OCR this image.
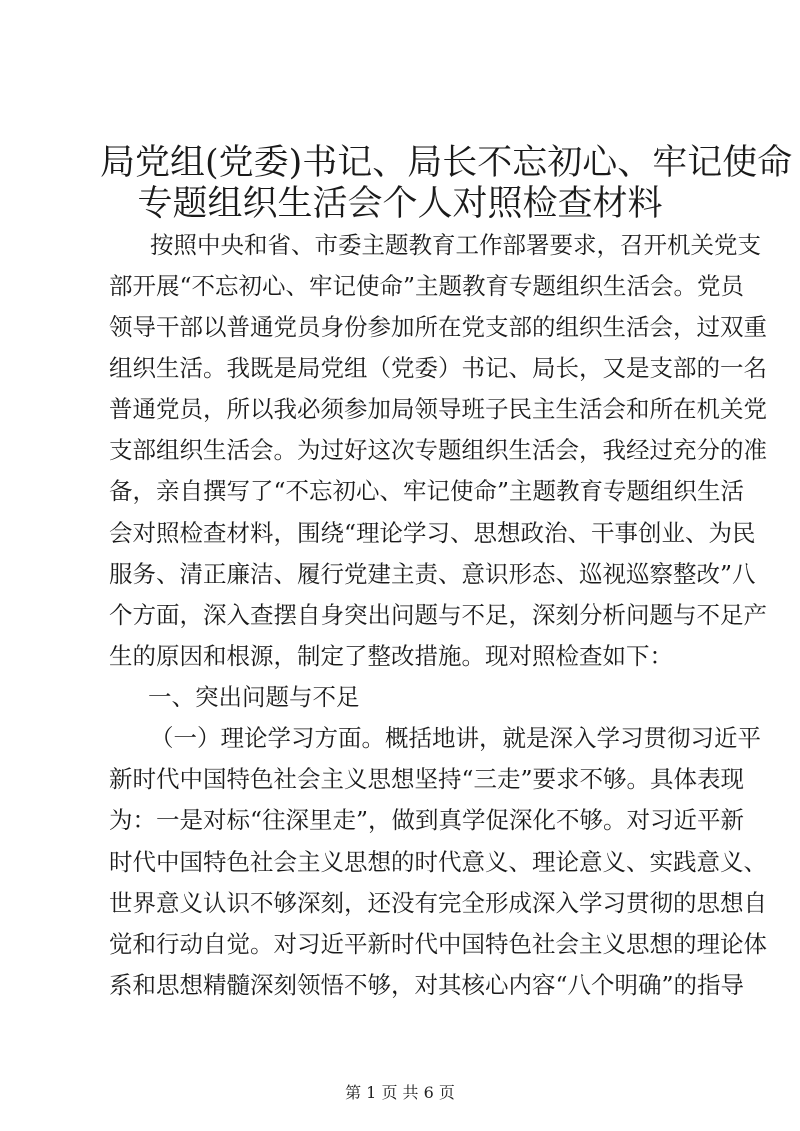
局党组(党委)书记、局长不忘初心、牢记使命
专题组织生活会个人对照检查材料
按照中央和省、市委主题教育工作部署要求，召开机关党支
部开展“不忘初心、牢记使命”主题教育专题组织生活会。党员
领导干部以普通党员身份参加所在党支部的组织生活会，过双重
组织生活。我既是局党组（党委）书记、局长，又是支部的一名
普通党员，所以我必须参加局领导班子民主生活会和所在机关党
支部组织生活会。为过好这次专题组织生活会，我经过充分的准
备，亲自撰写了“不忘初心、牢记使命”主题教育专题组织生活
会对照检查材料，围绕“理论学习、思想政治、干事创业、为民
服务、清正廉洁、履行党建主责、意识形态、巡视巡察整改”八
个方面，深入查摆自身突出问题与不足，深刻分析问题与不足产
生的原因和根源，制定了整改措施。现对照检查如下：
一、突出问题与不足
（一）理论学习方面。概括地讲，就是深入学习贯彻习近平
新时代中国特色社会主义思想坚持“三走”要求不够。具体表现
为：一是对标“往深里走”，做到真学促深化不够。对习近平新
时代中国特色社会主义思想的时代意义、理论意义、实践意义、
世界意义认识不够深刻，还没有完全形成深入学习贯彻的思想自
觉和行动自觉。对习近平新时代中国特色社会主义思想的理论体
系和思想精髓深刻领悟不够，对其核心内容“八个明确”的指导
第 1 页 共 6 页
